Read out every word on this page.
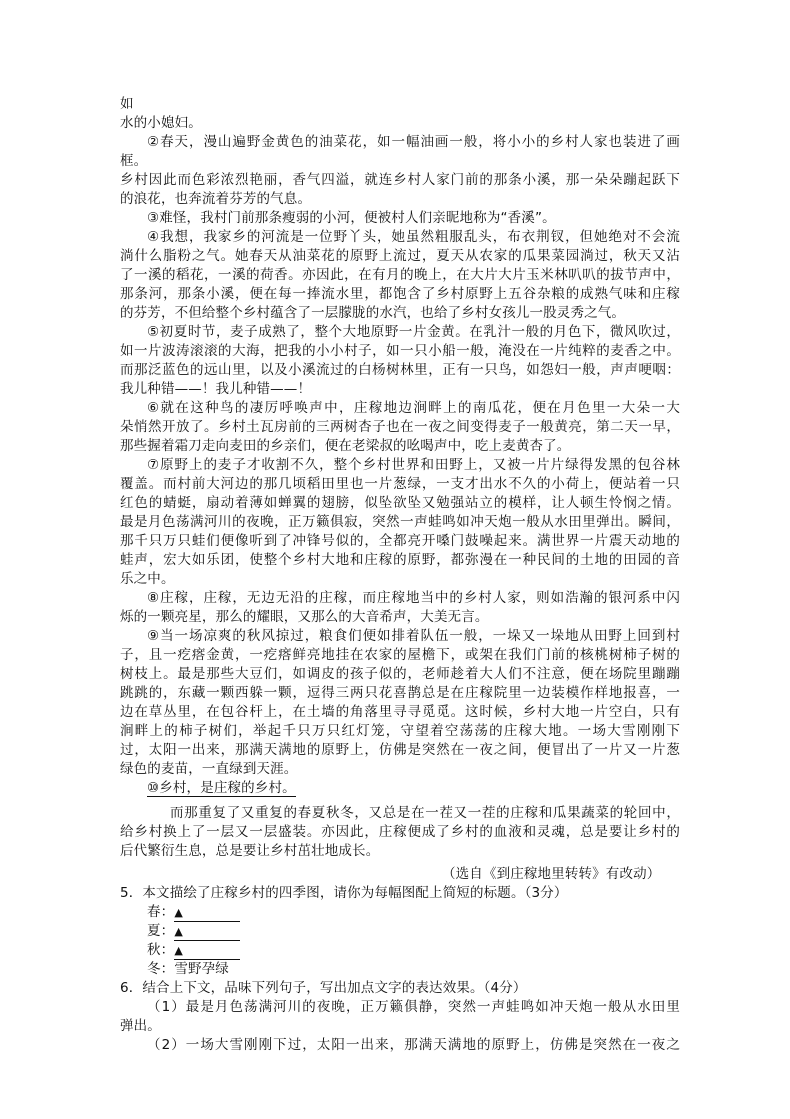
如
水的小媳妇。
②春天，漫山遍野金黄色的油菜花，如一幅油画一般，将小小的乡村人家也装进了画
框。
乡村因此而色彩浓烈艳丽，香气四溢，就连乡村人家门前的那条小溪，那一朵朵蹦起跃下
的浪花，也奔流着芬芳的气息。
③难怪，我村门前那条瘦弱的小河，便被村人们亲昵地称为“香溪”。
④我想，我家乡的河流是一位野丫头，她虽然粗服乱头，布衣荆钗，但她绝对不会流
淌什么脂粉之气。她春天从油菜花的原野上流过，夏天从农家的瓜果菜园淌过，秋天又沾
了一溪的稻花，一溪的荷香。亦因此，在有月的晚上，在大片大片玉米林叭叭的拔节声中，
那条河，那条小溪，便在每一捧流水里，都饱含了乡村原野上五谷杂粮的成熟气味和庄稼
的芬芳，不但给整个乡村蕴含了一层朦胧的水汽，也给了乡村女孩儿一股灵秀之气。
⑤初夏时节，麦子成熟了，整个大地原野一片金黄。在乳汁一般的月色下，微风吹过，
如一片波涛滚滚的大海，把我的小小村子，如一只小船一般，淹没在一片纯粹的麦香之中。
而那泛蓝色的远山里，以及小溪流过的白杨树林里，正有一只鸟，如怨妇一般，声声哽咽：
我儿种错——！我儿种错——！
⑥就在这种鸟的凄厉呼唤声中，庄稼地边涧畔上的南瓜花，便在月色里一大朵一大
朵悄然开放了。乡村土瓦房前的三两树杏子也在一夜之间变得麦子一般黄亮，第二天一早，
那些握着霜刀走向麦田的乡亲们，便在老梁叔的吆喝声中，吃上麦黄杏了。
⑦原野上的麦子才收割不久，整个乡村世界和田野上，又被一片片绿得发黑的包谷林
覆盖。而村前大河边的那几顷稻田里也一片葱绿，一支才出水不久的小荷上，便站着一只
红色的蜻蜓，扇动着薄如蝉翼的翅膀，似坠欲坠又勉强站立的模样，让人顿生怜悯之情。
最是月色荡满河川的夜晚，正万籁俱寂，突然一声蛙鸣如冲天炮一般从水田里弹出。瞬间，
那千只万只蛙们便像听到了冲锋号似的，全都亮开嗓门鼓噪起来。满世界一片震天动地的
蛙声，宏大如乐团，使整个乡村大地和庄稼的原野，都弥漫在一种民间的土地的田园的音
乐之中。
⑧庄稼，庄稼，无边无沿的庄稼，而庄稼地当中的乡村人家，则如浩瀚的银河系中闪
烁的一颗亮星，那么的耀眼，又那么的大音希声，大美无言。
⑨当一场凉爽的秋风掠过，粮食们便如排着队伍一般，一垛又一垛地从田野上回到村
子，且一疙瘩金黄，一疙瘩鲜亮地挂在农家的屋檐下，或架在我们门前的核桃树柿子树的
树枝上。最是那些大豆们，如调皮的孩子似的，老师趁着大人们不注意，便在场院里蹦蹦
跳跳的，东藏一颗西躲一颗，逗得三两只花喜鹊总是在庄稼院里一边装模作样地报喜，一
边在草丛里，在包谷杆上，在土墙的角落里寻寻觅觅。这时候，乡村大地一片空白，只有
涧畔上的柿子树们，举起千只万只红灯笼，守望着空荡荡的庄稼大地。一场大雪刚刚下
过，太阳一出来，那满天满地的原野上，仿佛是突然在一夜之间，便冒出了一片又一片葱
绿色的麦苗，一直绿到天涯。
⑩乡村，是庄稼的乡村。
而那重复了又重复的春夏秋冬，又总是在一茬又一茬的庄稼和瓜果蔬菜的轮回中，
给乡村换上了一层又一层盛装。亦因此，庄稼便成了乡村的血液和灵魂，总是要让乡村的
后代繁衍生息，总是要让乡村茁壮地成长。
（选自《到庄稼地里转转》有改动）
5．本文描绘了庄稼乡村的四季图，请你为每幅图配上简短的标题。（3分）
春：▲
夏：▲
秋：▲
冬：雪野孕绿
6．结合上下文，品味下列句子，写出加点文字的表达效果。（4分）
（1）最是月色荡满河川的夜晚，正万籁俱静，突然一声蛙鸣如冲天炮一般从水田里
弹出。
（2）一场大雪刚刚下过，太阳一出来，那满天满地的原野上，仿佛是突然在一夜之
